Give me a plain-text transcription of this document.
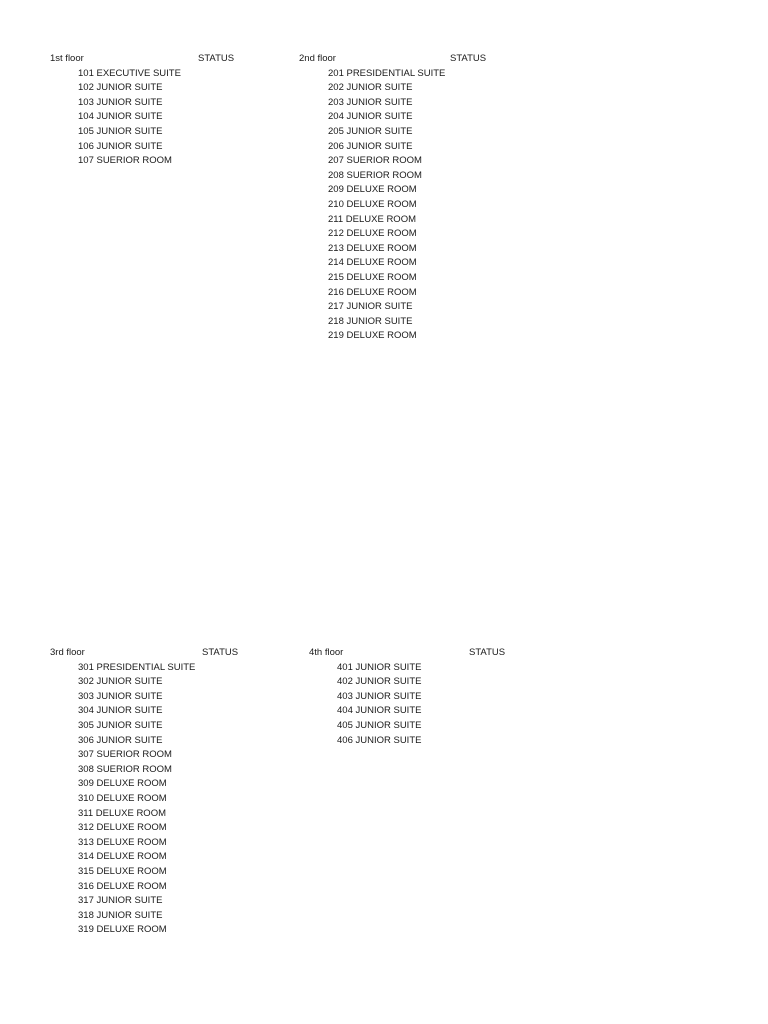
1st floor	STATUS
101 EXECUTIVE SUITE
102 JUNIOR SUITE
103 JUNIOR SUITE
104 JUNIOR SUITE
105 JUNIOR SUITE
106 JUNIOR SUITE
107 SUERIOR ROOM
2nd floor	STATUS
201 PRESIDENTIAL SUITE
202 JUNIOR SUITE
203 JUNIOR SUITE
204 JUNIOR SUITE
205 JUNIOR SUITE
206 JUNIOR SUITE
207 SUERIOR ROOM
208 SUERIOR ROOM
209 DELUXE ROOM
210 DELUXE ROOM
211 DELUXE ROOM
212 DELUXE ROOM
213 DELUXE ROOM
214 DELUXE ROOM
215 DELUXE ROOM
216 DELUXE ROOM
217 JUNIOR SUITE
218 JUNIOR SUITE
219 DELUXE ROOM
3rd floor	STATUS
301 PRESIDENTIAL SUITE
302 JUNIOR SUITE
303 JUNIOR SUITE
304 JUNIOR SUITE
305 JUNIOR SUITE
306 JUNIOR SUITE
307 SUERIOR ROOM
308 SUERIOR ROOM
309 DELUXE ROOM
310 DELUXE ROOM
311 DELUXE ROOM
312 DELUXE ROOM
313 DELUXE ROOM
314 DELUXE ROOM
315 DELUXE ROOM
316 DELUXE ROOM
317 JUNIOR SUITE
318 JUNIOR SUITE
319 DELUXE ROOM
4th floor	STATUS
401 JUNIOR SUITE
402 JUNIOR SUITE
403 JUNIOR SUITE
404 JUNIOR SUITE
405 JUNIOR SUITE
406 JUNIOR SUITE
